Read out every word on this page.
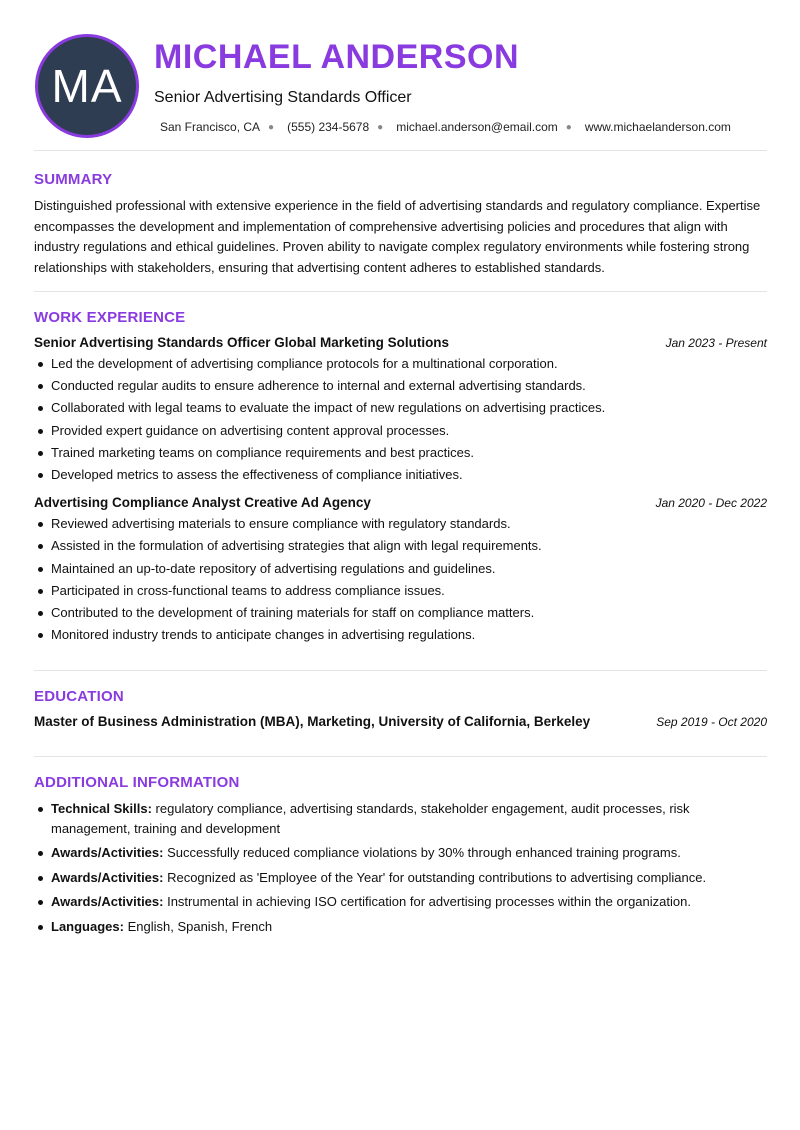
MA
MICHAEL ANDERSON
Senior Advertising Standards Officer
San Francisco, CA ● (555) 234-5678 ● michael.anderson@email.com ● www.michaelanderson.com
SUMMARY
Distinguished professional with extensive experience in the field of advertising standards and regulatory compliance. Expertise encompasses the development and implementation of comprehensive advertising policies and procedures that align with industry regulations and ethical guidelines. Proven ability to navigate complex regulatory environments while fostering strong relationships with stakeholders, ensuring that advertising content adheres to established standards.
WORK EXPERIENCE
Senior Advertising Standards Officer Global Marketing Solutions	Jan 2023 - Present
Led the development of advertising compliance protocols for a multinational corporation.
Conducted regular audits to ensure adherence to internal and external advertising standards.
Collaborated with legal teams to evaluate the impact of new regulations on advertising practices.
Provided expert guidance on advertising content approval processes.
Trained marketing teams on compliance requirements and best practices.
Developed metrics to assess the effectiveness of compliance initiatives.
Advertising Compliance Analyst Creative Ad Agency	Jan 2020 - Dec 2022
Reviewed advertising materials to ensure compliance with regulatory standards.
Assisted in the formulation of advertising strategies that align with legal requirements.
Maintained an up-to-date repository of advertising regulations and guidelines.
Participated in cross-functional teams to address compliance issues.
Contributed to the development of training materials for staff on compliance matters.
Monitored industry trends to anticipate changes in advertising regulations.
EDUCATION
Master of Business Administration (MBA), Marketing, University of California, Berkeley	Sep 2019 - Oct 2020
ADDITIONAL INFORMATION
Technical Skills: regulatory compliance, advertising standards, stakeholder engagement, audit processes, risk management, training and development
Awards/Activities: Successfully reduced compliance violations by 30% through enhanced training programs.
Awards/Activities: Recognized as 'Employee of the Year' for outstanding contributions to advertising compliance.
Awards/Activities: Instrumental in achieving ISO certification for advertising processes within the organization.
Languages: English, Spanish, French
